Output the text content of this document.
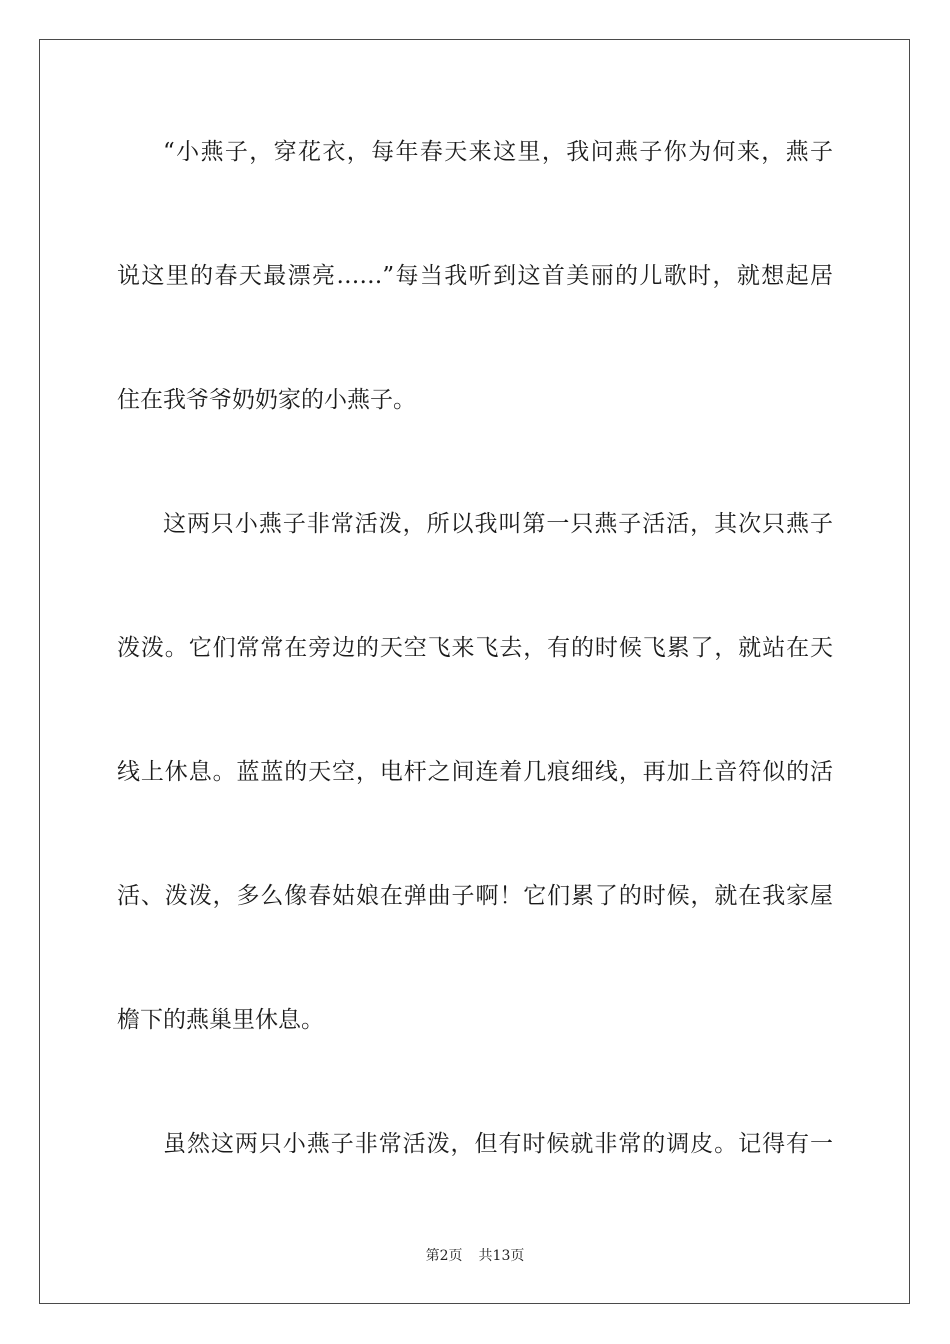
“小燕子，穿花衣，每年春天来这里，我问燕子你为何来，燕子
说这里的春天最漂亮……”每当我听到这首美丽的儿歌时，就想起居
住在我爷爷奶奶家的小燕子。
这两只小燕子非常活泼，所以我叫第一只燕子活活，其次只燕子
泼泼。它们常常在旁边的天空飞来飞去，有的时候飞累了，就站在天
线上休息。蓝蓝的天空，电杆之间连着几痕细线，再加上音符似的活
活、泼泼，多么像春姑娘在弹曲子啊！它们累了的时候，就在我家屋
檐下的燕巢里休息。
虽然这两只小燕子非常活泼，但有时候就非常的调皮。记得有一
第2页 共13页
